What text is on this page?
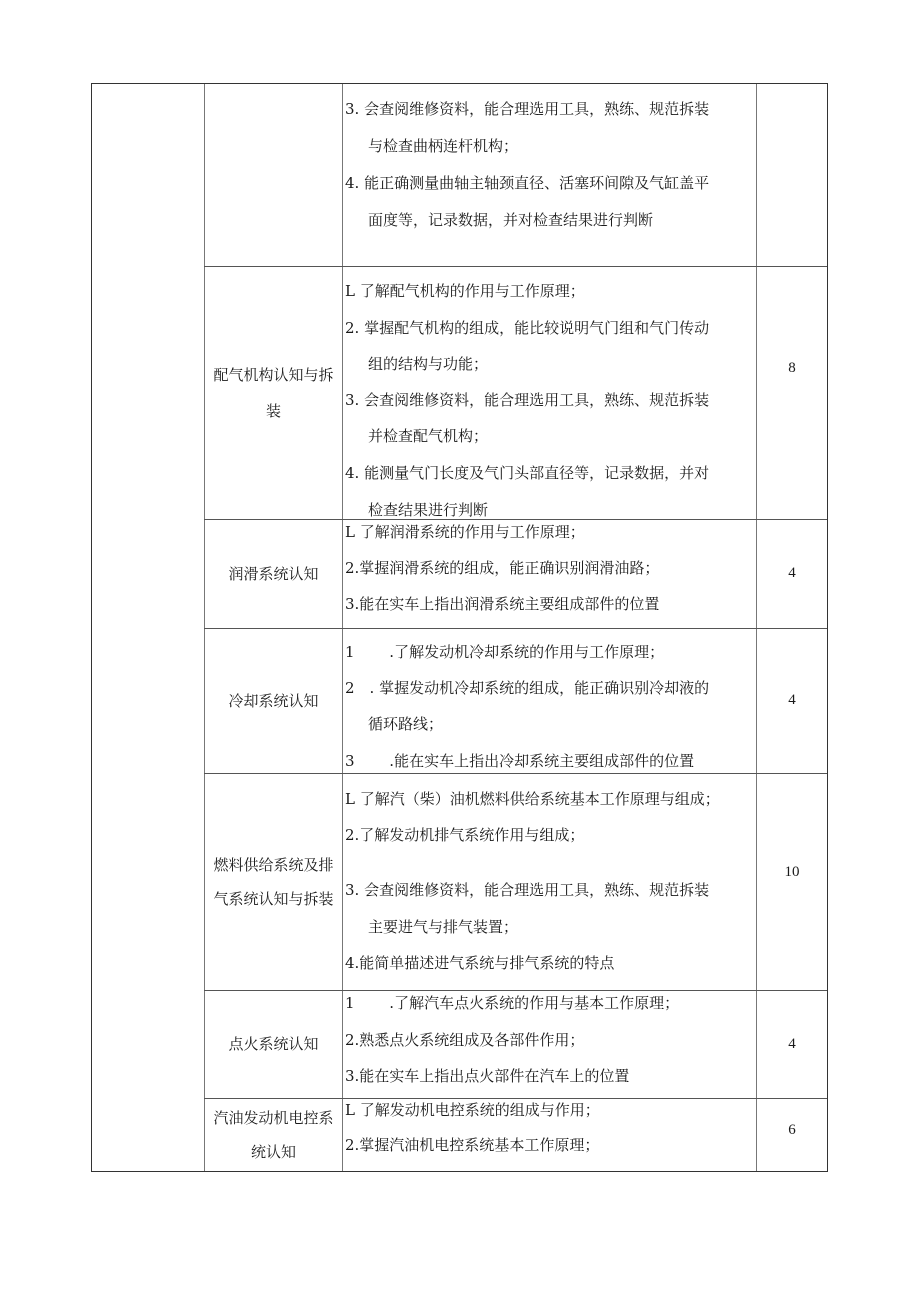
3. 会查阅维修资料，能合理选用工具，熟练、规范拆装
与检查曲柄连杆机构；
4. 能正确测量曲轴主轴颈直径、活塞环间隙及气缸盖平
面度等，记录数据，并对检查结果进行判断
配气机构认知与拆
装
L 了解配气机构的作用与工作原理；
2. 掌握配气机构的组成，能比较说明气门组和气门传动
组的结构与功能；
3. 会查阅维修资料，能合理选用工具，熟练、规范拆装
并检查配气机构；
4. 能测量气门长度及气门头部直径等，记录数据，并对
检查结果进行判断
8
润滑系统认知
L 了解润滑系统的作用与工作原理；
2.掌握润滑系统的组成，能正确识别润滑油路；
3.能在实车上指出润滑系统主要组成部件的位置
4
冷却系统认知
1　　 .了解发动机冷却系统的作用与工作原理；
2　. 掌握发动机冷却系统的组成，能正确识别冷却液的
循环路线；
3　　 .能在实车上指出冷却系统主要组成部件的位置
4
燃料供给系统及排
气系统认知与拆装
L 了解汽（柴）油机燃料供给系统基本工作原理与组成；
2.了解发动机排气系统作用与组成；
3. 会查阅维修资料，能合理选用工具，熟练、规范拆装
主要进气与排气装置；
4.能简单描述进气系统与排气系统的特点
10
点火系统认知
1　　 .了解汽车点火系统的作用与基本工作原理；
2.熟悉点火系统组成及各部件作用；
3.能在实车上指出点火部件在汽车上的位置
4
汽油发动机电控系
统认知
L 了解发动机电控系统的组成与作用；
2.掌握汽油机电控系统基本工作原理；
6
